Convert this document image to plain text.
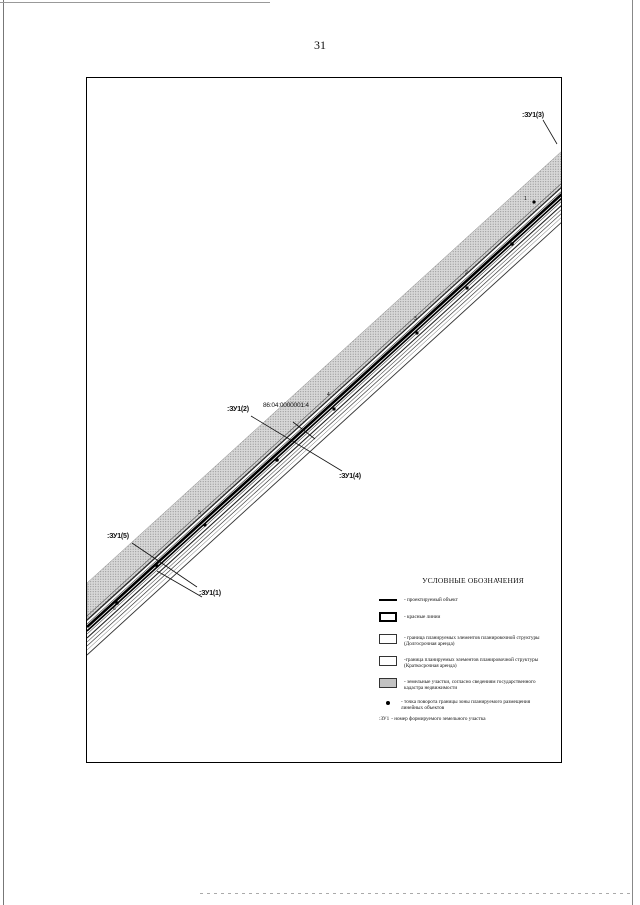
31
86:04:0000001:4
:ЗУ1(2)
:ЗУ1(4)
:ЗУ1(5)
:ЗУ1(1)
:ЗУ1(3)
1
2
3
4
5
6
УСЛОВНЫЕ ОБОЗНАЧЕНИЯ
- проектируемый объект
- красные линии
- граница планируемых элементов планировочной структуры (Долгосрочная аренда)
-граница планируемых элементов планировочной структуры (Краткосрочная аренда)
- земельные участки, согласно сведениям государственного кадастра недвижимости
- точка поворота границы зоны планируемого размещения линейных объектов
:ЗУ1 - номер формируемого земельного участка
